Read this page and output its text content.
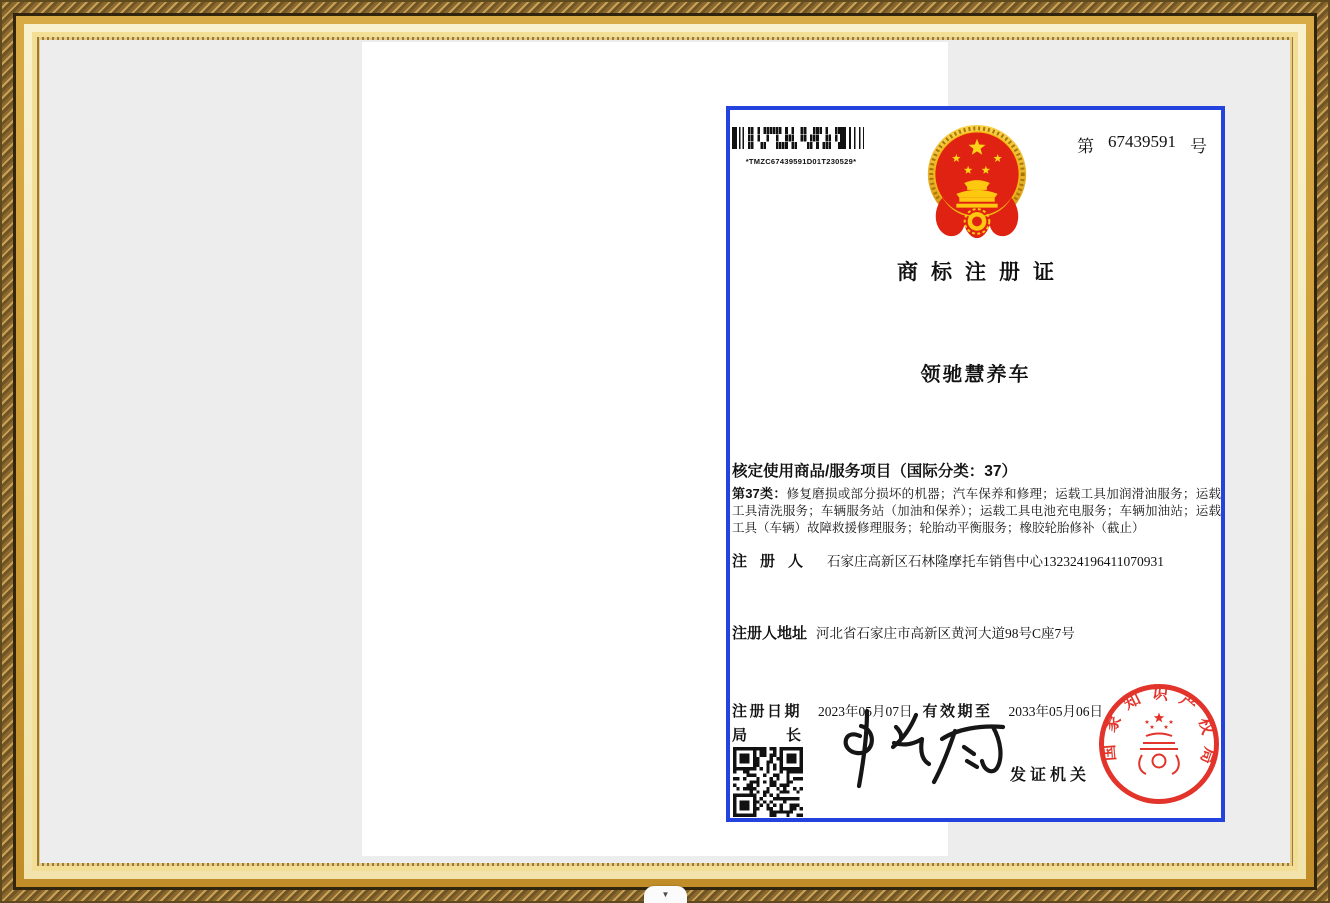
*TMZC67439591D01T230529*
第 67439591 号
商标注册证
领驰慧养车
核定使用商品/服务项目（国际分类：37）
第37类：修复磨损或部分损坏的机器；汽车保养和修理；运载工具加润滑油服务；运载工具清洗服务；车辆服务站（加油和保养）；运载工具电池充电服务；车辆加油站；运载工具（车辆）故障救援修理服务；轮胎动平衡服务；橡胶轮胎修补（截止）
注册人 石家庄高新区石林隆摩托车销售中心132324196411070931
注册人地址 河北省石家庄市高新区黄河大道98号C座7号
注册日期 2023年05月07日 有效期至 2033年05月06日
局长
发证机关
国家知识产权局
▼
